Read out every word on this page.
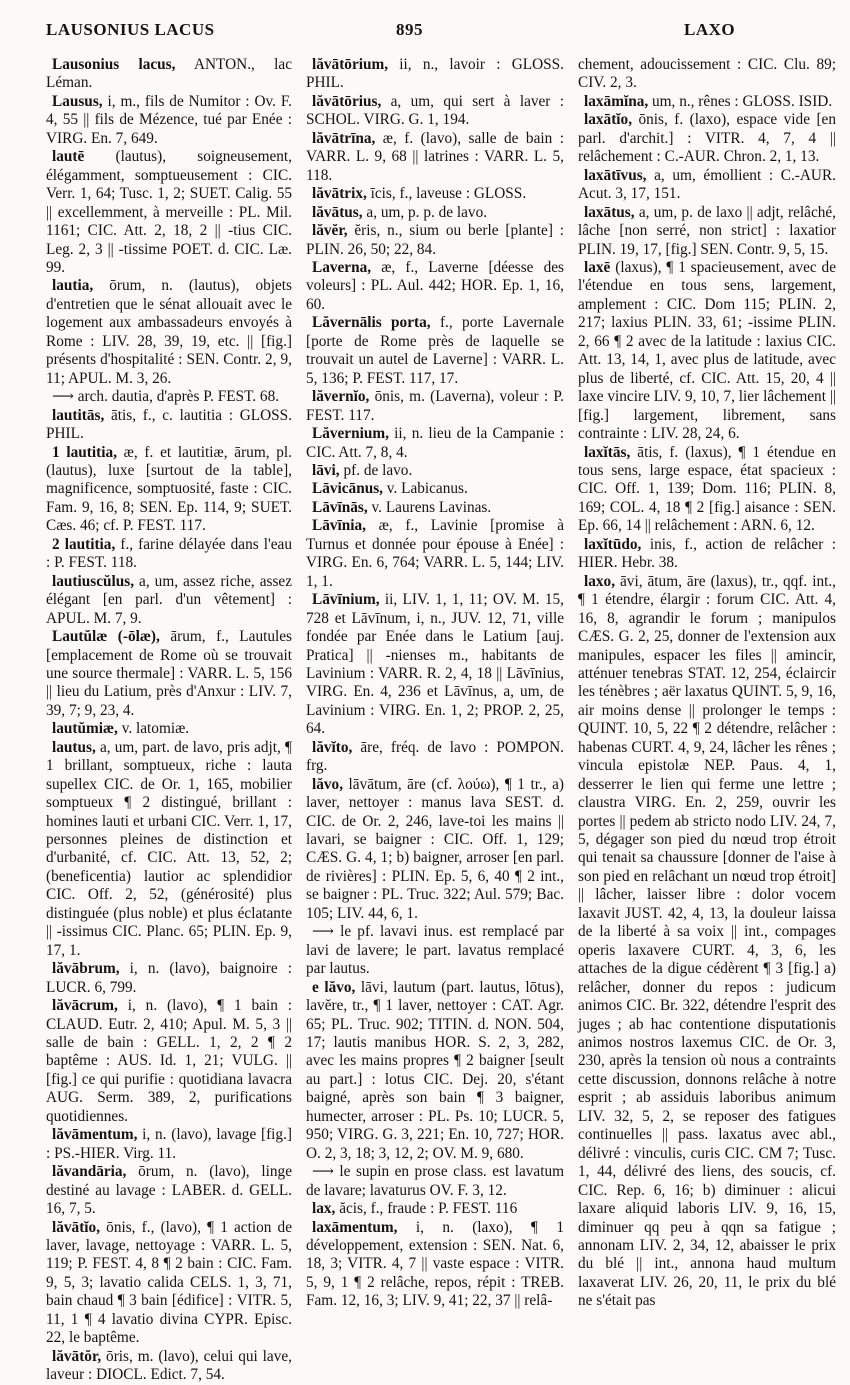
LAUSONIUS LACUS	895	LAXO

Lausonius lacus, ANTON., lac Léman.

Lausus, i, m., fils de Numitor : Ov. F. 4, 55 || fils de Mézence, tué par Enée : VIRG. En. 7, 649.

lautē (lautus), soigneusement, élégamment, somptueusement : CIC. Verr. 1, 64; Tusc. 1, 2; SUET. Calig. 55 || excellemment, à merveille : PL. Mil. 1161; CIC. Att. 2, 18, 2 || -tius CIC. Leg. 2, 3 || -tissime POET. d. CIC. Læ. 99.

lautia, ōrum, n. (lautus), objets d'entretien que le sénat allouait avec le logement aux ambassadeurs envoyés à Rome : LIV. 28, 39, 19, etc. || [fig.] présents d'hospitalité : SEN. Contr. 2, 9, 11; APUL. M. 3, 26.

⟶ arch. dautia, d'après P. FEST. 68.

lautitās, ātis, f., c. lautitia : GLOSS. PHIL.

1 lautitia, æ, f. et lautitiæ, ārum, pl. (lautus), luxe [surtout de la table], magnificence, somptuosité, faste : CIC. Fam. 9, 16, 8; SEN. Ep. 114, 9; SUET. Cæs. 46; cf. P. FEST. 117.

2 lautitia, f., farine délayée dans l'eau : P. FEST. 118.

lautiuscŭlus, a, um, assez riche, assez élégant [en parl. d'un vêtement] : APUL. M. 7, 9.

Lautŭlæ (-ōlæ), ārum, f., Lautules [emplacement de Rome où se trouvait une source thermale] : VARR. L. 5, 156 || lieu du Latium, près d'Anxur : LIV. 7, 39, 7; 9, 23, 4.

lautŭmiæ, v. latomiæ.

lautus, a, um, part. de lavo, pris adjt, ¶ 1 brillant, somptueux, riche : lauta supellex CIC. de Or. 1, 165, mobilier somptueux ¶ 2 distingué, brillant : homines lauti et urbani CIC. Verr. 1, 17, personnes pleines de distinction et d'urbanité, cf. CIC. Att. 13, 52, 2; (beneficentia) lautior ac splendidior CIC. Off. 2, 52, (générosité) plus distinguée (plus noble) et plus éclatante || -issimus CIC. Planc. 65; PLIN. Ep. 9, 17, 1.

lăvābrum, i, n. (lavo), baignoire : LUCR. 6, 799.

lăvācrum, i, n. (lavo), ¶ 1 bain : CLAUD. Eutr. 2, 410; Apul. M. 5, 3 || salle de bain : GELL. 1, 2, 2 ¶ 2 baptême : AUS. Id. 1, 21; VULG. || [fig.] ce qui purifie : quotidiana lavacra AUG. Serm. 389, 2, purifications quotidiennes.

lăvāmentum, i, n. (lavo), lavage [fig.] : PS.-HIER. Virg. 11.

lăvandāria, ōrum, n. (lavo), linge destiné au lavage : LABER. d. GELL. 16, 7, 5.

lăvātĭo, ōnis, f., (lavo), ¶ 1 action de laver, lavage, nettoyage : VARR. L. 5, 119; P. FEST. 4, 8 ¶ 2 bain : CIC. Fam. 9, 5, 3; lavatio calida CELS. 1, 3, 71, bain chaud ¶ 3 bain [édifice] : VITR. 5, 11, 1 ¶ 4 lavatio divina CYPR. Episc. 22, le baptême.

lăvātŏr, ōris, m. (lavo), celui qui lave, laveur : DIOCL. Edict. 7, 54.

lăvātōrium, ii, n., lavoir : GLOSS. PHIL.

lăvātōrius, a, um, qui sert à laver : SCHOL. VIRG. G. 1, 194.

lăvātrīna, æ, f. (lavo), salle de bain : VARR. L. 9, 68 || latrines : VARR. L. 5, 118.

lăvātrix, īcis, f., laveuse : GLOSS.

lăvātus, a, um, p. p. de lavo.

lăvĕr, ĕris, n., sium ou berle [plante] : PLIN. 26, 50; 22, 84.

Laverna, æ, f., Laverne [déesse des voleurs] : PL. Aul. 442; HOR. Ep. 1, 16, 60.

Lăvernālis porta, f., porte Lavernale [porte de Rome près de laquelle se trouvait un autel de Laverne] : VARR. L. 5, 136; P. FEST. 117, 17.

lăvernĭo, ōnis, m. (Laverna), voleur : P. FEST. 117.

Lăvernium, ii, n. lieu de la Campanie : CIC. Att. 7, 8, 4.

lāvi, pf. de lavo.

Lāvicānus, v. Labicanus.

Lāvīnās, v. Laurens Lavinas.

Lāvīnia, æ, f., Lavinie [promise à Turnus et donnée pour épouse à Enée] : VIRG. En. 6, 764; VARR. L. 5, 144; LIV. 1, 1.

Lāvīnium, ii, LIV. 1, 1, 11; OV. M. 15, 728 et Lāvīnum, i, n., JUV. 12, 71, ville fondée par Enée dans le Latium [auj. Pratica] || -nienses m., habitants de Lavinium : VARR. R. 2, 4, 18 || Lāvīnius, VIRG. En. 4, 236 et Lāvīnus, a, um, de Lavinium : VIRG. En. 1, 2; PROP. 2, 25, 64.

lăvĭto, āre, fréq. de lavo : POMPON. frg.

lăvo, lāvātum, āre (cf. λούω), ¶ 1 tr., a) laver, nettoyer : manus lava SEST. d. CIC. de Or. 2, 246, lave-toi les mains || lavari, se baigner : CIC. Off. 1, 129; CÆS. G. 4, 1; b) baigner, arroser [en parl. de rivières] : PLIN. Ep. 5, 6, 40 ¶ 2 int., se baigner : PL. Truc. 322; Aul. 579; Bac. 105; LIV. 44, 6, 1.

⟶ le pf. lavavi inus. est remplacé par lavi de lavere; le part. lavatus remplacé par lautus.

e lăvo, lāvi, lautum (part. lautus, lōtus), lavĕre, tr., ¶ 1 laver, nettoyer : CAT. Agr. 65; PL. Truc. 902; TITIN. d. NON. 504, 17; lautis manibus HOR. S. 2, 3, 282, avec les mains propres ¶ 2 baigner [seult au part.] : lotus CIC. Dej. 20, s'étant baigné, après son bain ¶ 3 baigner, humecter, arroser : PL. Ps. 10; LUCR. 5, 950; VIRG. G. 3, 221; En. 10, 727; HOR. O. 2, 3, 18; 3, 12, 2; OV. M. 9, 680.

⟶ le supin en prose class. est lavatum de lavare; lavaturus OV. F. 3, 12.

lax, ăcis, f., fraude : P. FEST. 116

laxāmentum, i, n. (laxo), ¶ 1 développement, extension : SEN. Nat. 6, 18, 3; VITR. 4, 7 || vaste espace : VITR. 5, 9, 1 ¶ 2 relâche, repos, répit : TREB. Fam. 12, 16, 3; LIV. 9, 41; 22, 37 || relâ-

chement, adoucissement : CIC. Clu. 89; CIV. 2, 3.

laxāmĭna, um, n., rênes : GLOSS. ISID.

laxātĭo, ōnis, f. (laxo), espace vide [en parl. d'archit.] : VITR. 4, 7, 4 || relâchement : C.-AUR. Chron. 2, 1, 13.

laxātīvus, a, um, émollient : C.-AUR. Acut. 3, 17, 151.

laxātus, a, um, p. de laxo || adjt, relâché, lâche [non serré, non strict] : laxatior PLIN. 19, 17, [fig.] SEN. Contr. 9, 5, 15.

laxē (laxus), ¶ 1 spacieusement, avec de l'étendue en tous sens, largement, amplement : CIC. Dom 115; PLIN. 2, 217; laxius PLIN. 33, 61; -issime PLIN. 2, 66 ¶ 2 avec de la latitude : laxius CIC. Att. 13, 14, 1, avec plus de latitude, avec plus de liberté, cf. CIC. Att. 15, 20, 4 || laxe vincire LIV. 9, 10, 7, lier lâchement || [fig.] largement, librement, sans contrainte : LIV. 28, 24, 6.

laxĭtās, ātis, f. (laxus), ¶ 1 étendue en tous sens, large espace, état spacieux : CIC. Off. 1, 139; Dom. 116; PLIN. 8, 169; COL. 4, 18 ¶ 2 [fig.] aisance : SEN. Ep. 66, 14 || relâchement : ARN. 6, 12.

laxĭtūdo, inis, f., action de relâcher : HIER. Hebr. 38.

laxo, āvi, ātum, āre (laxus), tr., qqf. int., ¶ 1 étendre, élargir : forum CIC. Att. 4, 16, 8, agrandir le forum ; manipulos CÆS. G. 2, 25, donner de l'extension aux manipules, espacer les files || amincir, atténuer tenebras STAT. 12, 254, éclaircir les ténèbres ; aër laxatus QUINT. 5, 9, 16, air moins dense || prolonger le temps : QUINT. 10, 5, 22 ¶ 2 détendre, relâcher : habenas CURT. 4, 9, 24, lâcher les rênes ; vincula epistolæ NEP. Paus. 4, 1, desserrer le lien qui ferme une lettre ; claustra VIRG. En. 2, 259, ouvrir les portes || pedem ab stricto nodo LIV. 24, 7, 5, dégager son pied du nœud trop étroit qui tenait sa chaussure [donner de l'aise à son pied en relâchant un nœud trop étroit] || lâcher, laisser libre : dolor vocem laxavit JUST. 42, 4, 13, la douleur laissa de la liberté à sa voix || int., compages operis laxavere CURT. 4, 3, 6, les attaches de la digue cédèrent ¶ 3 [fig.] a) relâcher, donner du repos : judicum animos CIC. Br. 322, détendre l'esprit des juges ; ab hac contentione disputationis animos nostros laxemus CIC. de Or. 3, 230, après la tension où nous a contraints cette discussion, donnons relâche à notre esprit ; ab assiduis laboribus animum LIV. 32, 5, 2, se reposer des fatigues continuelles || pass. laxatus avec abl., délivré : vinculis, curis CIC. CM 7; Tusc. 1, 44, délivré des liens, des soucis, cf. CIC. Rep. 6, 16; b) diminuer : alicui laxare aliquid laboris LIV. 9, 16, 15, diminuer qq peu à qqn sa fatigue ; annonam LIV. 2, 34, 12, abaisser le prix du blé || int., annona haud multum laxaverat LIV. 26, 20, 11, le prix du blé ne s'était pas
